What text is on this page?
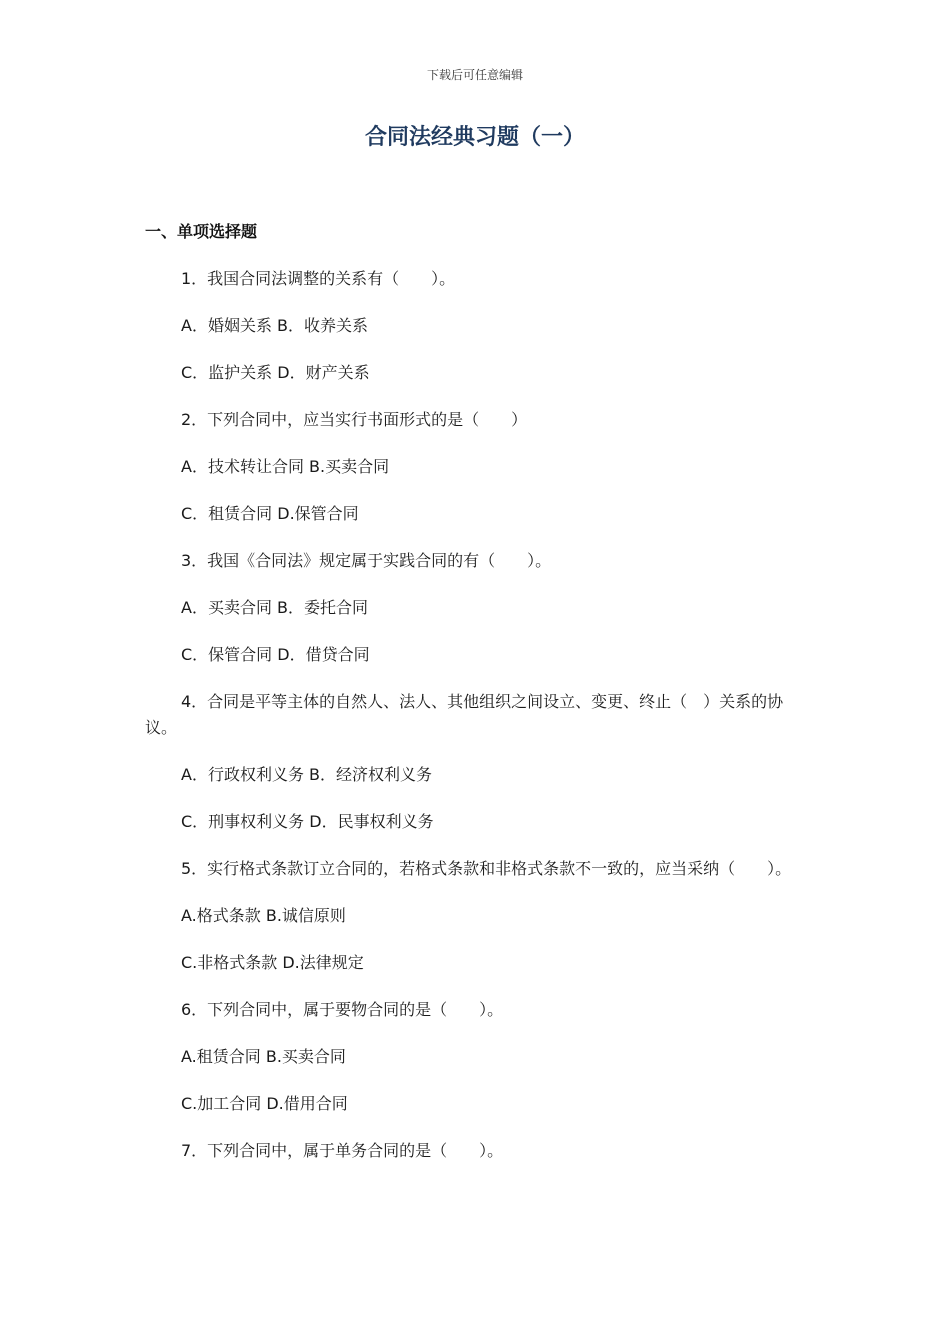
下载后可任意编辑
合同法经典习题（一）
一、单项选择题

1．我国合同法调整的关系有（　　）。

A．婚姻关系 B．收养关系

C．监护关系 D．财产关系

2．下列合同中，应当实行书面形式的是（　　）

A．技术转让合同 B.买卖合同

C．租赁合同 D.保管合同

3．我国《合同法》规定属于实践合同的有（　　）。

A．买卖合同 B．委托合同

C．保管合同 D．借贷合同

4．合同是平等主体的自然人、法人、其他组织之间设立、变更、终止（　）关系的协议。

A．行政权利义务 B．经济权利义务

C．刑事权利义务 D．民事权利义务

5．实行格式条款订立合同的，若格式条款和非格式条款不一致的，应当采纳（　　）。

A.格式条款 B.诚信原则

C.非格式条款 D.法律规定

6．下列合同中，属于要物合同的是（　　）。

A.租赁合同 B.买卖合同

C.加工合同 D.借用合同

7．下列合同中，属于单务合同的是（　　）。
